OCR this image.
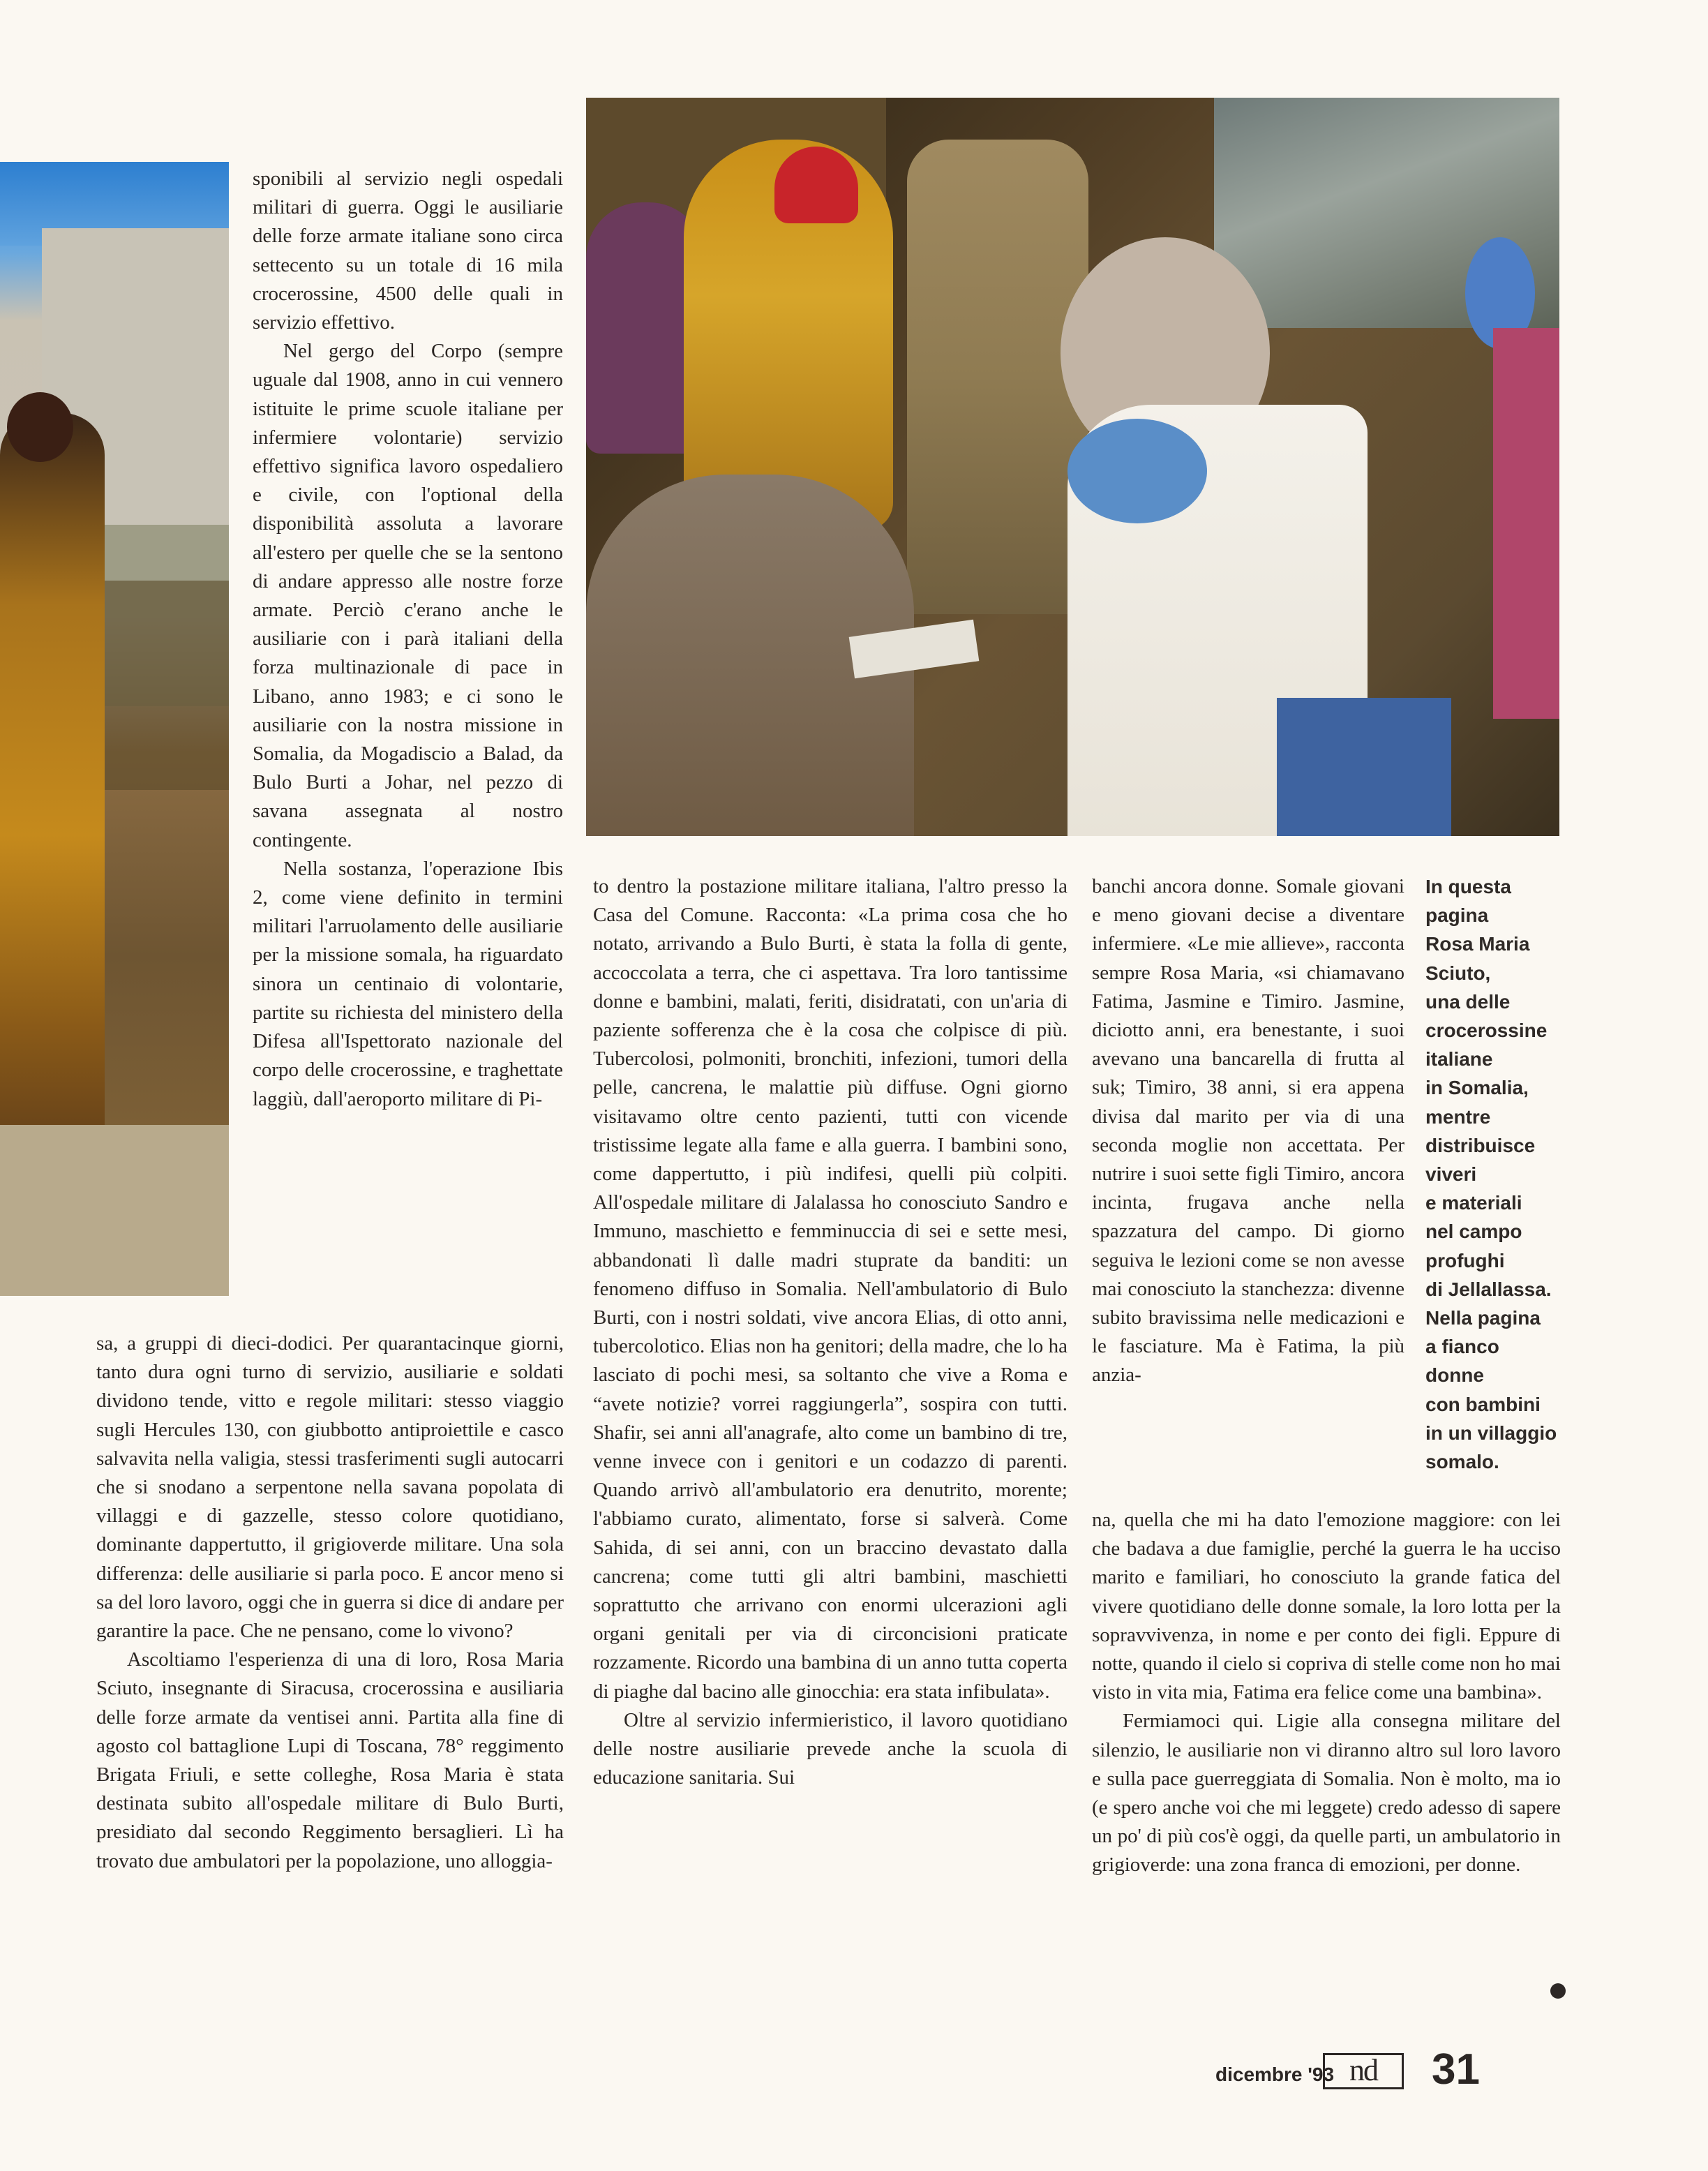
sponibili al servizio negli ospedali militari di guerra. Oggi le ausiliarie delle forze armate italiane sono circa settecento su un totale di 16 mila crocerossine, 4500 delle quali in servizio effettivo.

Nel gergo del Corpo (sempre uguale dal 1908, anno in cui vennero istituite le prime scuole italiane per infermiere volontarie) servizio effettivo significa lavoro ospedaliero e civile, con l'optional della disponibilità assoluta a lavorare all'estero per quelle che se la sentono di andare appresso alle nostre forze armate. Perciò c'erano anche le ausiliarie con i parà italiani della forza multinazionale di pace in Libano, anno 1983; e ci sono le ausiliarie con la nostra missione in Somalia, da Mogadiscio a Balad, da Bulo Burti a Johar, nel pezzo di savana assegnata al nostro contingente.

Nella sostanza, l'operazione Ibis 2, come viene definito in termini militari l'arruolamento delle ausiliarie per la missione somala, ha riguardato sinora un centinaio di volontarie, partite su richiesta del ministero della Difesa all'Ispettorato nazionale del corpo delle crocerossine, e traghettate laggiù, dall'aeroporto militare di Pi-

sa, a gruppi di dieci-dodici. Per quarantacinque giorni, tanto dura ogni turno di servizio, ausiliarie e soldati dividono tende, vitto e regole militari: stesso viaggio sugli Hercules 130, con giubbotto antiproiettile e casco salvavita nella valigia, stessi trasferimenti sugli autocarri che si snodano a serpentone nella savana popolata di villaggi e di gazzelle, stesso colore quotidiano, dominante dappertutto, il grigioverde militare. Una sola differenza: delle ausiliarie si parla poco. E ancor meno si sa del loro lavoro, oggi che in guerra si dice di andare per garantire la pace. Che ne pensano, come lo vivono?

Ascoltiamo l'esperienza di una di loro, Rosa Maria Sciuto, insegnante di Siracusa, crocerossina e ausiliaria delle forze armate da ventisei anni. Partita alla fine di agosto col battaglione Lupi di Toscana, 78° reggimento Brigata Friuli, e sette colleghe, Rosa Maria è stata destinata subito all'ospedale militare di Bulo Burti, presidiato dal secondo Reggimento bersaglieri. Lì ha trovato due ambulatori per la popolazione, uno alloggia-

to dentro la postazione militare italiana, l'altro presso la Casa del Comune. Racconta: «La prima cosa che ho notato, arrivando a Bulo Burti, è stata la folla di gente, accoccolata a terra, che ci aspettava. Tra loro tantissime donne e bambini, malati, feriti, disidratati, con un'aria di paziente sofferenza che è la cosa che colpisce di più. Tubercolosi, polmoniti, bronchiti, infezioni, tumori della pelle, cancrena, le malattie più diffuse. Ogni giorno visitavamo oltre cento pazienti, tutti con vicende tristissime legate alla fame e alla guerra. I bambini sono, come dappertutto, i più indifesi, quelli più colpiti. All'ospedale militare di Jalalassa ho conosciuto Sandro e Immuno, maschietto e femminuccia di sei e sette mesi, abbandonati lì dalle madri stuprate da banditi: un fenomeno diffuso in Somalia. Nell'ambulatorio di Bulo Burti, con i nostri soldati, vive ancora Elias, di otto anni, tubercolotico. Elias non ha genitori; della madre, che lo ha lasciato di pochi mesi, sa soltanto che vive a Roma e “avete notizie? vorrei raggiungerla”, sospira con tutti. Shafir, sei anni all'anagrafe, alto come un bambino di tre, venne invece con i genitori e un codazzo di parenti. Quando arrivò all'ambulatorio era denutrito, morente; l'abbiamo curato, alimentato, forse si salverà. Come Sahida, di sei anni, con un braccino devastato dalla cancrena; come tutti gli altri bambini, maschietti soprattutto che arrivano con enormi ulcerazioni agli organi genitali per via di circoncisioni praticate rozzamente. Ricordo una bambina di un anno tutta coperta di piaghe dal bacino alle ginocchia: era stata infibulata».

Oltre al servizio infermieristico, il lavoro quotidiano delle nostre ausiliarie prevede anche la scuola di educazione sanitaria. Sui

banchi ancora donne. Somale giovani e meno giovani decise a diventare infermiere. «Le mie allieve», racconta sempre Rosa Maria, «si chiamavano Fatima, Jasmine e Timiro. Jasmine, diciotto anni, era benestante, i suoi avevano una bancarella di frutta al suk; Timiro, 38 anni, si era appena divisa dal marito per via di una seconda moglie non accettata. Per nutrire i suoi sette figli Timiro, ancora incinta, frugava anche nella spazzatura del campo. Di giorno seguiva le lezioni come se non avesse mai conosciuto la stanchezza: divenne subito bravissima nelle medicazioni e le fasciature. Ma è Fatima, la più anzia-

na, quella che mi ha dato l'emozione maggiore: con lei che badava a due famiglie, perché la guerra le ha ucciso marito e familiari, ho conosciuto la grande fatica del vivere quotidiano delle donne somale, la loro lotta per la sopravvivenza, in nome e per conto dei figli. Eppure di notte, quando il cielo si copriva di stelle come non ho mai visto in vita mia, Fatima era felice come una bambina».

Fermiamoci qui. Ligie alla consegna militare del silenzio, le ausiliarie non vi diranno altro sul loro lavoro e sulla pace guerreggiata di Somalia. Non è molto, ma io (e spero anche voi che mi leggete) credo adesso di sapere un po' di più cos'è oggi, da quelle parti, un ambulatorio in grigioverde: una zona franca di emozioni, per donne.

In questa
pagina
Rosa Maria
Sciuto,
una delle
crocerossine
italiane
in Somalia,
mentre
distribuisce
viveri
e materiali
nel campo
profughi
di Jellallassa.
Nella pagina
a fianco
donne
con bambini
in un villaggio
somalo.
dicembre '93 nd	31
